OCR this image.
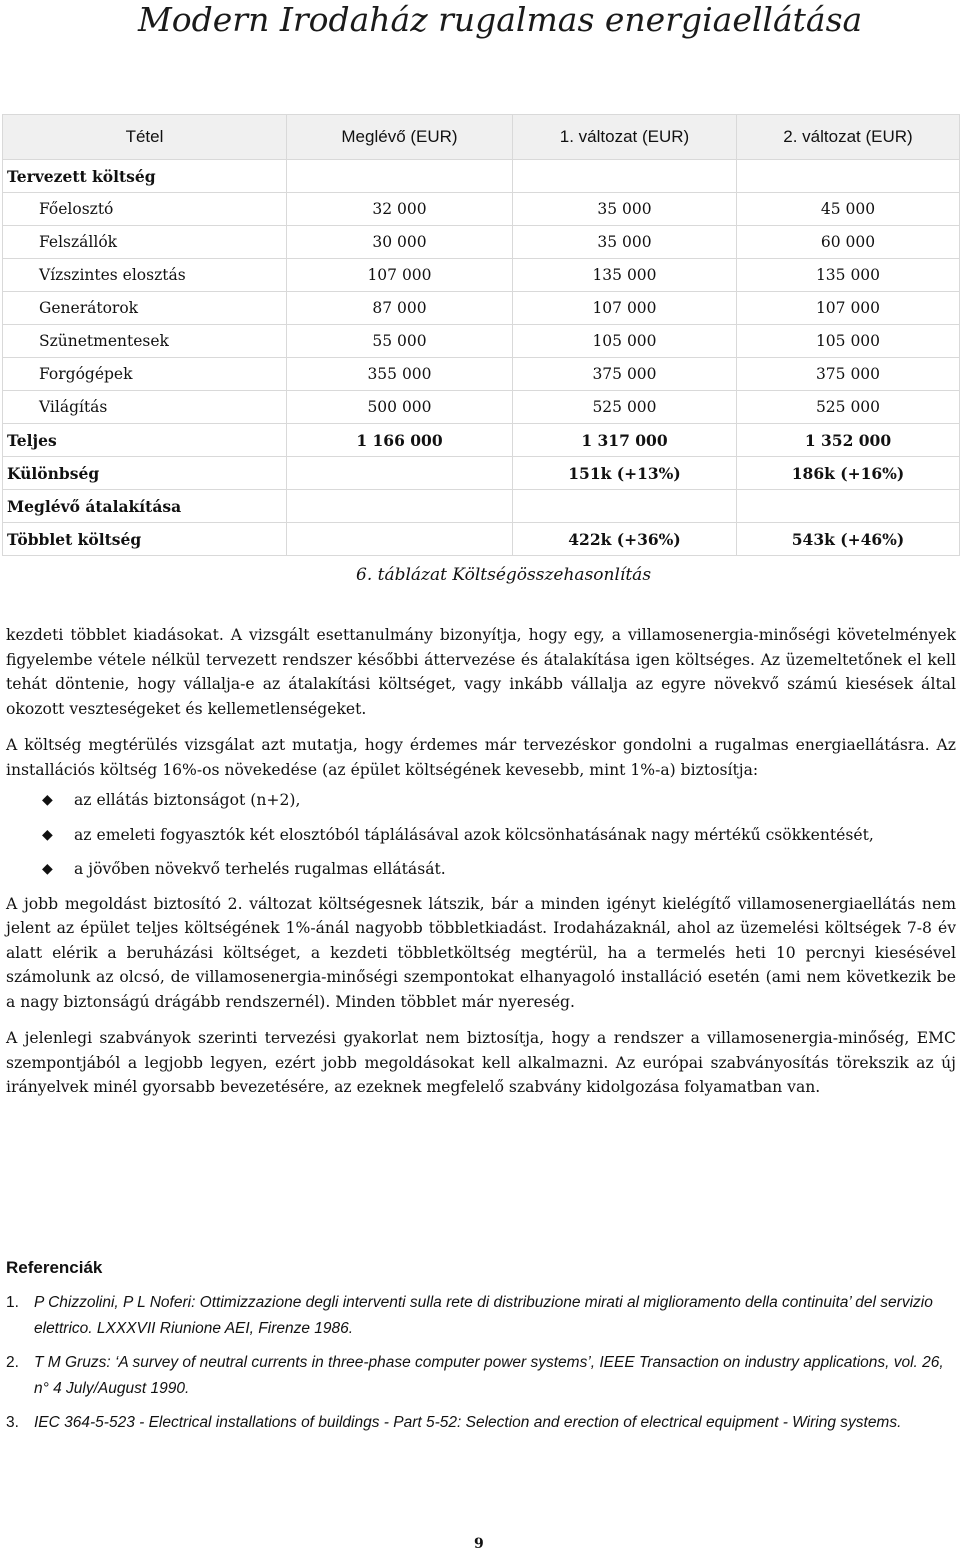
Modern Irodaház rugalmas energiaellátása
Tétel	Meglévő (EUR)	1. változat (EUR)	2. változat (EUR)
Tervezett költség			
Főelosztó	32 000	35 000	45 000
Felszállók	30 000	35 000	60 000
Vízszintes elosztás	107 000	135 000	135 000
Generátorok	87 000	107 000	107 000
Szünetmentesek	55 000	105 000	105 000
Forgógépek	355 000	375 000	375 000
Világítás	500 000	525 000	525 000
Teljes	1 166 000	1 317 000	1 352 000
Különbség		151k (+13%)	186k (+16%)
Meglévő átalakítása			
Többlet költség		422k (+36%)	543k (+46%)
6. táblázat Költségösszehasonlítás

kezdeti többlet kiadásokat. A vizsgált esettanulmány bizonyítja, hogy egy, a villamosenergia-minőségi követelmények figyelembe vétele nélkül tervezett rendszer későbbi áttervezése és átalakítása igen költséges. Az üzemeltetőnek el kell tehát döntenie, hogy vállalja-e az átalakítási költséget, vagy inkább vállalja az egyre növekvő számú kiesések által okozott veszteségeket és kellemetlenségeket.

A költség megtérülés vizsgálat azt mutatja, hogy érdemes már tervezéskor gondolni a rugalmas energiaellátásra. Az installációs költség 16%-os növekedése (az épület költségének kevesebb, mint 1%-a) biztosítja:

◆ az ellátás biztonságot (n+2),
◆ az emeleti fogyasztók két elosztóból táplálásával azok kölcsönhatásának nagy mértékű csökkentését,
◆ a jövőben növekvő terhelés rugalmas ellátását.

A jobb megoldást biztosító 2. változat költségesnek látszik, bár a minden igényt kielégítő villamosenergiaellátás nem jelent az épület teljes költségének 1%-ánál nagyobb többletkiadást. Irodaházaknál, ahol az üzemelési költségek 7-8 év alatt elérik a beruházási költséget, a kezdeti többletköltség megtérül, ha a termelés heti 10 percnyi kiesésével számolunk az olcsó, de villamosenergia-minőségi szempontokat elhanyagoló installáció esetén (ami nem következik be a nagy biztonságú drágább rendszernél). Minden többlet már nyereség.

A jelenlegi szabványok szerinti tervezési gyakorlat nem biztosítja, hogy a rendszer a villamosenergia-minőség, EMC szempontjából a legjobb legyen, ezért jobb megoldásokat kell alkalmazni. Az európai szabványosítás törekszik az új irányelvek minél gyorsabb bevezetésére, az ezeknek megfelelő szabvány kidolgozása folyamatban van.

Referenciák
1. P Chizzolini, P L Noferi: Ottimizzazione degli interventi sulla rete di distribuzione mirati al miglioramento della continuita’ del servizio elettrico. LXXXVII Riunione AEI, Firenze 1986.
2. T M Gruzs: ‘A survey of neutral currents in three-phase computer power systems’, IEEE Transaction on industry applications, vol. 26, n° 4 July/August 1990.
3. IEC 364-5-523 - Electrical installations of buildings - Part 5-52: Selection and erection of electrical equipment - Wiring systems.
9
